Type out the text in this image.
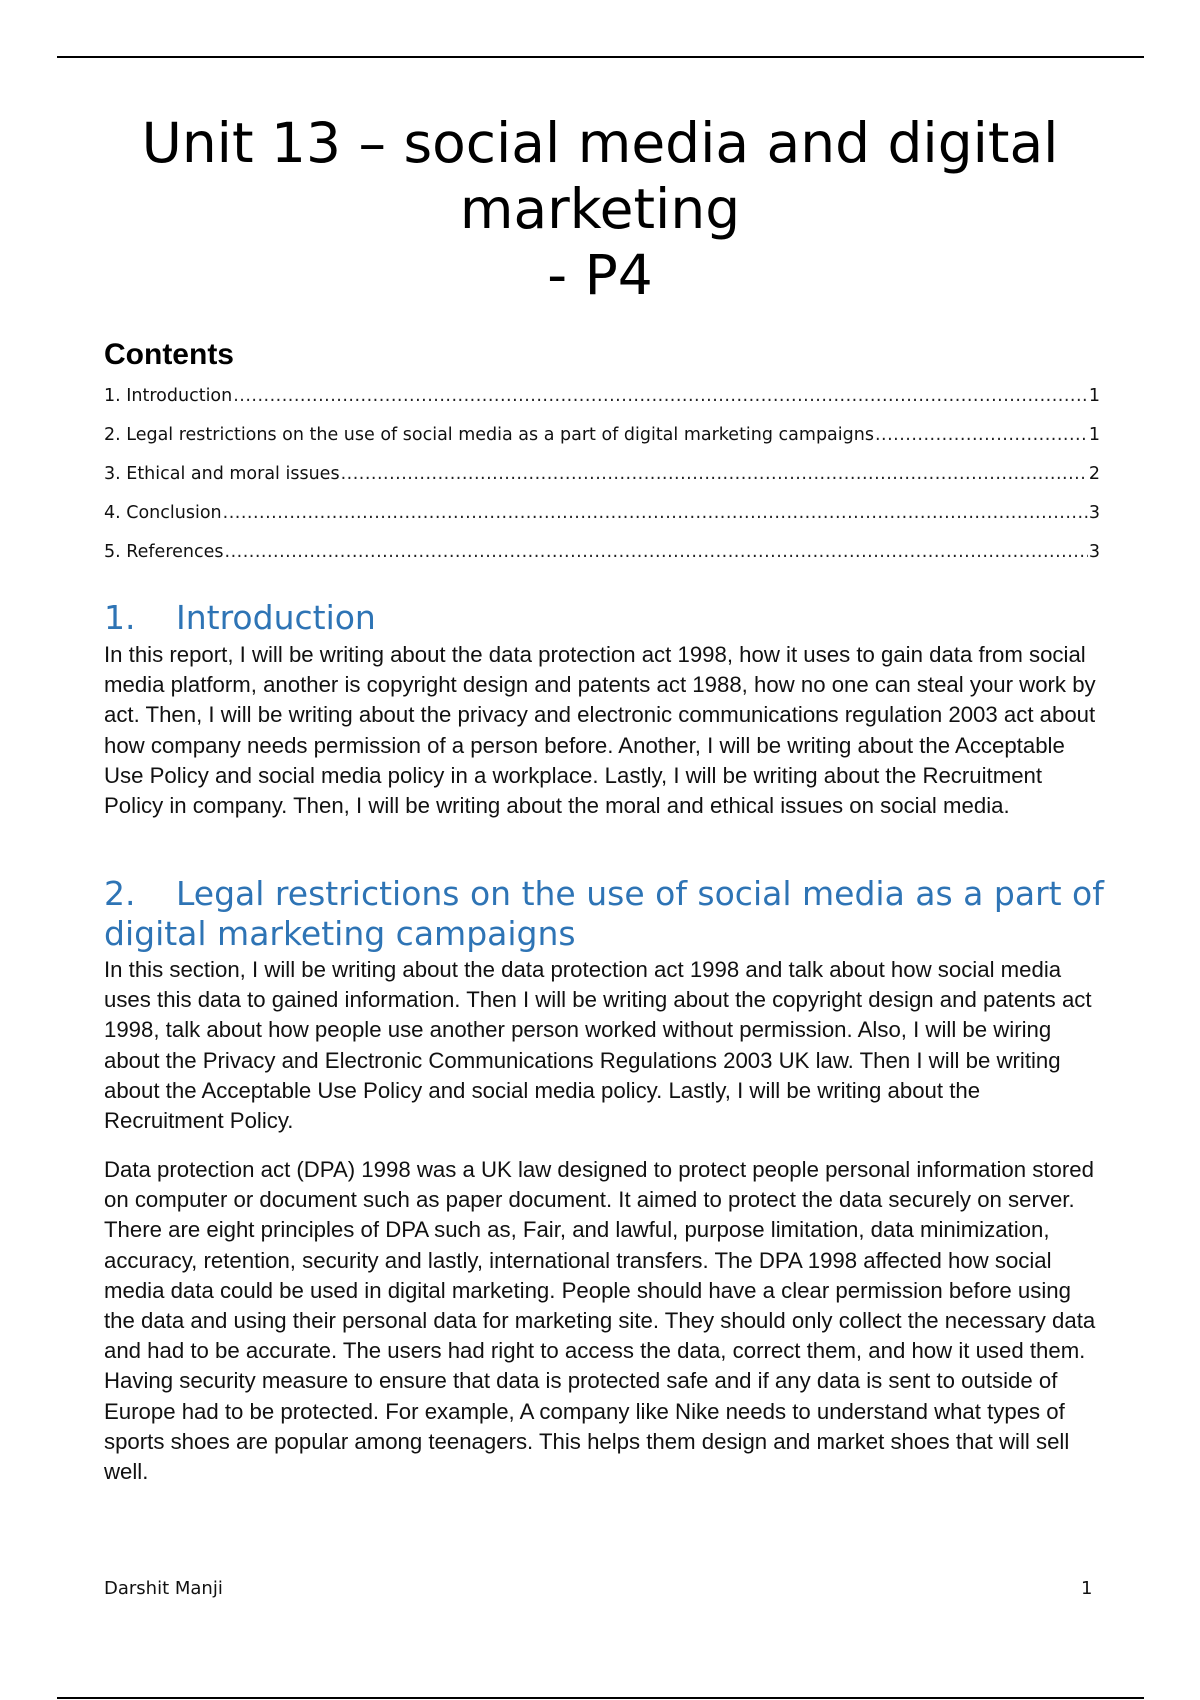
Unit 13 – social media and digital
marketing
- P4
Contents
1. Introduction .....	1
2. Legal restrictions on the use of social media as a part of digital marketing campaigns .....	1
3. Ethical and moral issues .....	2
4. Conclusion .....	3
5. References .....	3
1. Introduction

In this report, I will be writing about the data protection act 1998, how it uses to gain data from social media platform, another is copyright design and patents act 1988, how no one can steal your work by act. Then, I will be writing about the privacy and electronic communications regulation 2003 act about how company needs permission of a person before. Another, I will be writing about the Acceptable Use Policy and social media policy in a workplace. Lastly, I will be writing about the Recruitment Policy in company. Then, I will be writing about the moral and ethical issues on social media.

2. Legal restrictions on the use of social media as a part of digital marketing campaigns

In this section, I will be writing about the data protection act 1998 and talk about how social media uses this data to gained information. Then I will be writing about the copyright design and patents act 1998, talk about how people use another person worked without permission. Also, I will be wiring about the Privacy and Electronic Communications Regulations 2003 UK law. Then I will be writing about the Acceptable Use Policy and social media policy. Lastly, I will be writing about the Recruitment Policy.

Data protection act (DPA) 1998 was a UK law designed to protect people personal information stored on computer or document such as paper document. It aimed to protect the data securely on server. There are eight principles of DPA such as, Fair, and lawful, purpose limitation, data minimization, accuracy, retention, security and lastly, international transfers. The DPA 1998 affected how social media data could be used in digital marketing. People should have a clear permission before using the data and using their personal data for marketing site. They should only collect the necessary data and had to be accurate. The users had right to access the data, correct them, and how it used them. Having security measure to ensure that data is protected safe and if any data is sent to outside of Europe had to be protected. For example, A company like Nike needs to understand what types of sports shoes are popular among teenagers. This helps them design and market shoes that will sell well.

Darshit Manji	1
